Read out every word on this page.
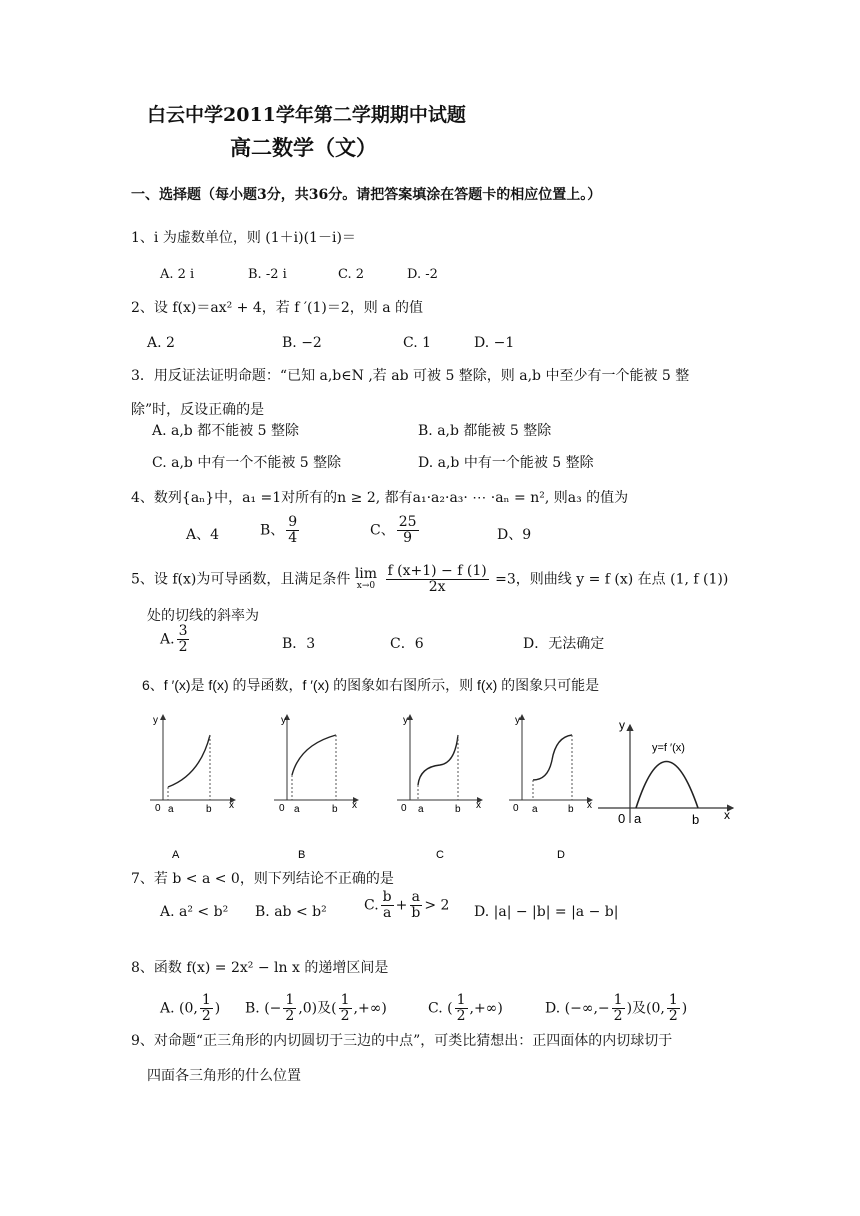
白云中学2011学年第二学期期中试题
高二数学（文）
一、选择题（每小题3分，共36分。请把答案填涂在答题卡的相应位置上。）
1、i 为虚数单位，则 (1＋i)(1－i)＝
A. 2 i	B. -2 i	C. 2	D. -2
2、设 f(x)＝ax² + 4，若 f ′(1)＝2，则 a 的值
A. 2	B. −2	C. 1	D. −1
3．用反证法证明命题：“已知 a,b∈N ,若 ab 可被 5 整除，则 a,b 中至少有一个能被 5 整
除”时，反设正确的是
A. a,b 都不能被 5 整除	B. a,b 都能被 5 整除
C. a,b 中有一个不能被 5 整除	D. a,b 中有一个能被 5 整除
4、数列{aₙ}中，a₁ =1对所有的n ≥ 2, 都有a₁·a₂·a₃· ⋯ ·aₙ = n², 则a₃ 的值为
A、4	B、 $\frac{9}{4}$	C、 $\frac{25}{9}$	D、9
5、设 f(x)为可导函数，且满足条件 lim
x→0
$\frac{f (x+1) - f (1)}{2x} =3$，则曲线 y = f (x) 在点 (1, f (1))
处的切线的斜率为
A. $\frac{3}{2}$	B．3	C．6	D．无法确定
6、f ′(x)是 f(x) 的导函数，f ′(x) 的图象如右图所示，则 f(x) 的图象只可能是
y
x
0 a	b
y
x
0 a	b
y
x
0 a	b
y
x
0 a	b
y
x
0 a	b
y=f ′(x)
A	B	C	D
7、若 b < a < 0，则下列结论不正确的是
A. a² < b² B. ab < b²	C. $\frac{b}{a} + \frac{a}{b} > 2$ D. |a| − |b| = |a − b|
8、函数 f(x) = 2x² − ln x 的递增区间是
A. (0, $\frac{1}{2}$ ) B. (− $\frac{1}{2} ,0$)及( $\frac{1}{2}$ ,+∞)	C. ( $\frac{1}{2}$ ,+∞)	D. (−∞,− $\frac{1}{2}$ )及(0, $\frac{1}{2}$ )
9、对命题“正三角形的内切圆切于三边的中点”，可类比猜想出：正四面体的内切球切于
四面各三角形的什么位置
